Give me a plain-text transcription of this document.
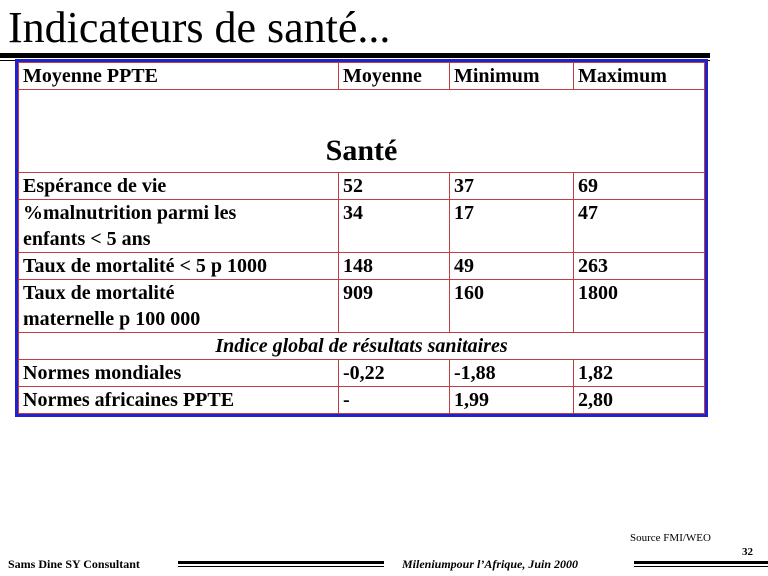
Indicateurs de santé...
Moyenne PPTE	Moyenne	Minimum	Maximum
Santé			
Espérance de vie	52	37	69
%malnutrition parmi les
enfants < 5 ans	34	17	47
Taux de mortalité < 5 p 1000	148	49	263
Taux de mortalité
maternelle p 100 000	909	160	1800
Indice global de résultats sanitaires			
Normes mondiales	-0,22	-1,88	1,82
Normes africaines PPTE	-	1,99	2,80
Source FMI/WEO
32
Sams Dine SY Consultant	Mileniumpour l’Afrique, Juin 2000
